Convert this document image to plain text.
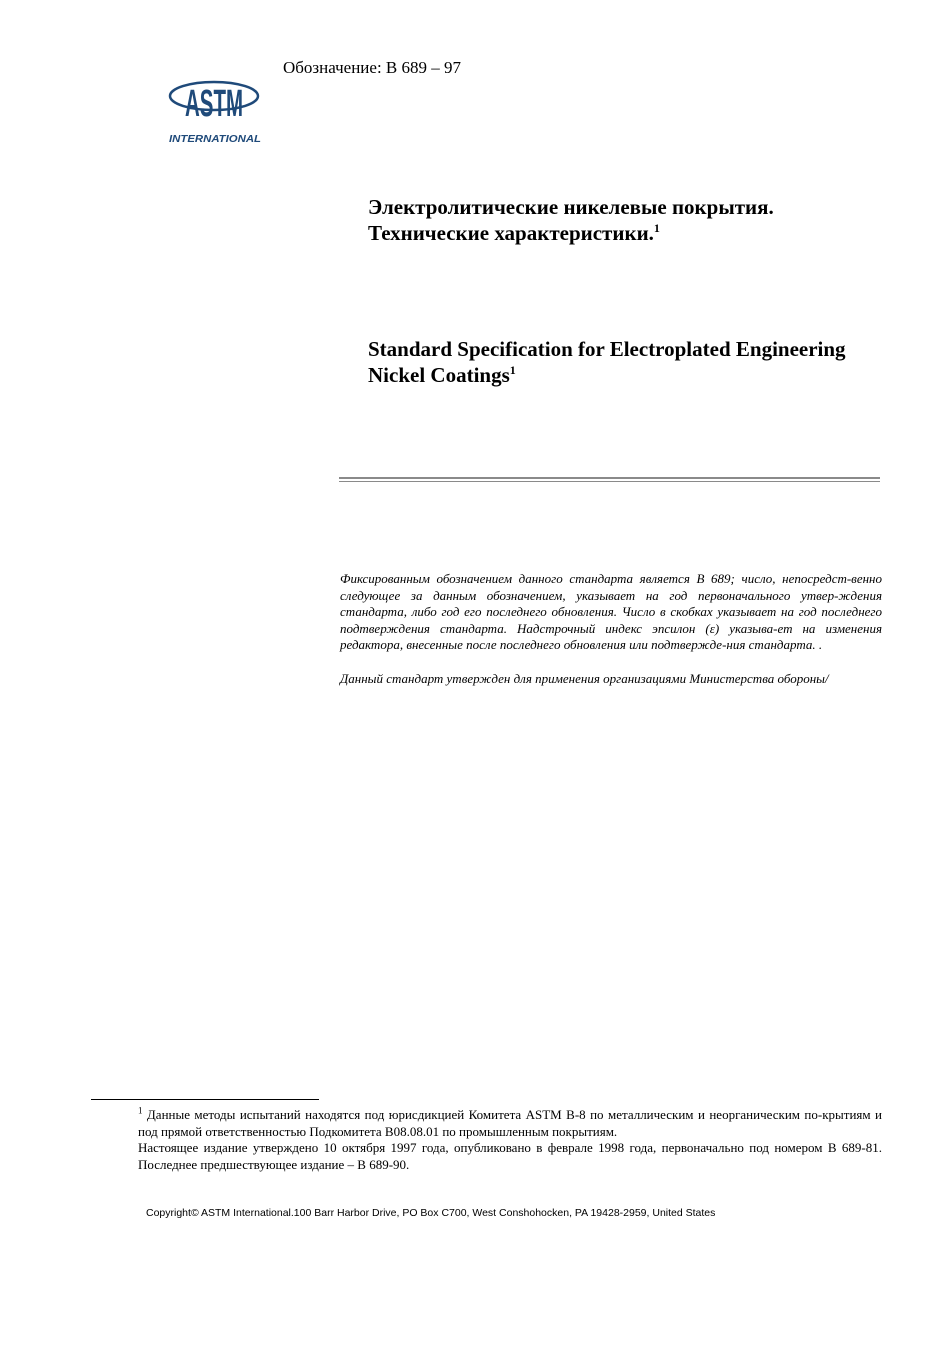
ASTM
INTERNATIONAL
Обозначение: B 689 – 97
Электролитические никелевые покрытия.
Технические характеристики.$^1$
Standard Specification for Electroplated Engineering
Nickel Coatings$^1$
Фиксированным обозначением данного стандарта является B 689; число, непосредст-венно следующее за данным обозначением, указывает на год первоначального утвер-ждения стандарта, либо год его последнего обновления. Число в скобках указывает на год последнего подтверждения стандарта. Надстрочный индекс эпсилон (ε) указыва-ет на изменения редактора, внесенные после последнего обновления или подтвержде-ния стандарта. .
Данный стандарт утвержден для применения организациями Министерства обороны/

$^1$ Данные методы испытаний находятся под юрисдикцией Комитета ASTM B-8 по металлическим и неорганическим по-крытиям и под прямой ответственностью Подкомитета B08.08.01 по промышленным покрытиям.

Настоящее издание утверждено 10 октября 1997 года, опубликовано в феврале 1998 года, первоначально под номером B 689-81. Последнее предшествующее издание – B 689-90.

Copyright© ASTM International.100 Barr Harbor Drive, PO Box C700, West Conshohocken, PA 19428-2959, United States
